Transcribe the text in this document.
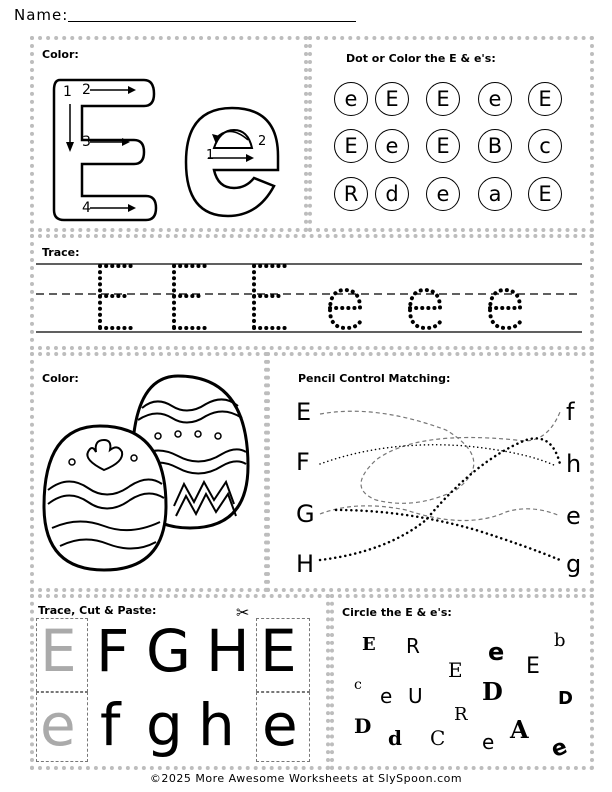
Name:
Color:
1 2
3
4
1
2
Dot or Color the E & e's:
e	E	E	e	E
E	e	E	B	c
R	d	e	a	E
Trace:
Color:	Pencil Control Matching:
E
F
G
H
f
h
e
g
Trace, Cut & Paste:	✂
E
e
F G H
f g h
E
e
Circle the E & e's:
E R
E
e
E
b
c e U D	D
D d
R
C e A
e
©2025 More Awesome Worksheets at SlySpoon.com
